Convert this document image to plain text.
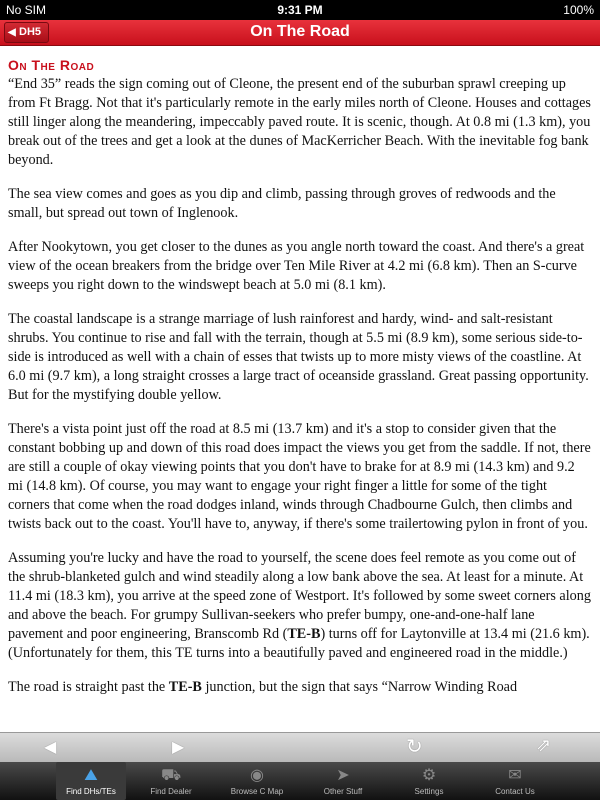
No SIM	9:31 PM	100%
◀ DH5	On The Road
On The Road

“End 35” reads the sign coming out of Cleone, the present end of the suburban sprawl creeping up from Ft Bragg. Not that it's particularly remote in the early miles north of Cleone. Houses and cottages still linger along the meandering, impeccably paved route. It is scenic, though. At 0.8 mi (1.3 km), you break out of the trees and get a look at the dunes of MacKerricher Beach. With the inevitable fog bank beyond.

The sea view comes and goes as you dip and climb, passing through groves of redwoods and the small, but spread out town of Inglenook.

After Nookytown, you get closer to the dunes as you angle north toward the coast. And there's a great view of the ocean breakers from the bridge over Ten Mile River at 4.2 mi (6.8 km). Then an S-curve sweeps you right down to the windswept beach at 5.0 mi (8.1 km).

The coastal landscape is a strange marriage of lush rainforest and hardy, wind- and salt-resistant shrubs. You continue to rise and fall with the terrain, though at 5.5 mi (8.9 km), some serious side-to-side is introduced as well with a chain of esses that twists up to more misty views of the coastline. At 6.0 mi (9.7 km), a long straight crosses a large tract of oceanside grassland. Great passing opportunity. But for the mystifying double yellow.

There's a vista point just off the road at 8.5 mi (13.7 km) and it's a stop to consider given that the constant bobbing up and down of this road does impact the views you get from the saddle. If not, there are still a couple of okay viewing points that you don't have to brake for at 8.9 mi (14.3 km) and 9.2 mi (14.8 km). Of course, you may want to engage your right finger a little for some of the tight corners that come when the road dodges inland, winds through Chadbourne Gulch, then climbs and twists back out to the coast. You'll have to, anyway, if there's some trailertowing pylon in front of you.

Assuming you're lucky and have the road to yourself, the scene does feel remote as you come out of the shrub-blanketed gulch and wind steadily along a low bank above the sea. At least for a minute. At 11.4 mi (18.3 km), you arrive at the speed zone of Westport. It's followed by some sweet corners along and above the beach. For grumpy Sullivan-seekers who prefer bumpy, one-and-one-half lane pavement and poor engineering, Branscomb Rd (TE-B) turns off for Laytonville at 13.4 mi (21.6 km). (Unfortunately for them, this TE turns into a beautifully paved and engineered road in the middle.)

The road is straight past the TE-B junction, but the sign that says “Narrow Winding Road

◀	▶	↻	⇗
⛰
Find DHs/TEs
⛟
Find Dealer
◉
Browse C Map
➤
Other Stuff
⚙
Settings
✉
Contact Us
